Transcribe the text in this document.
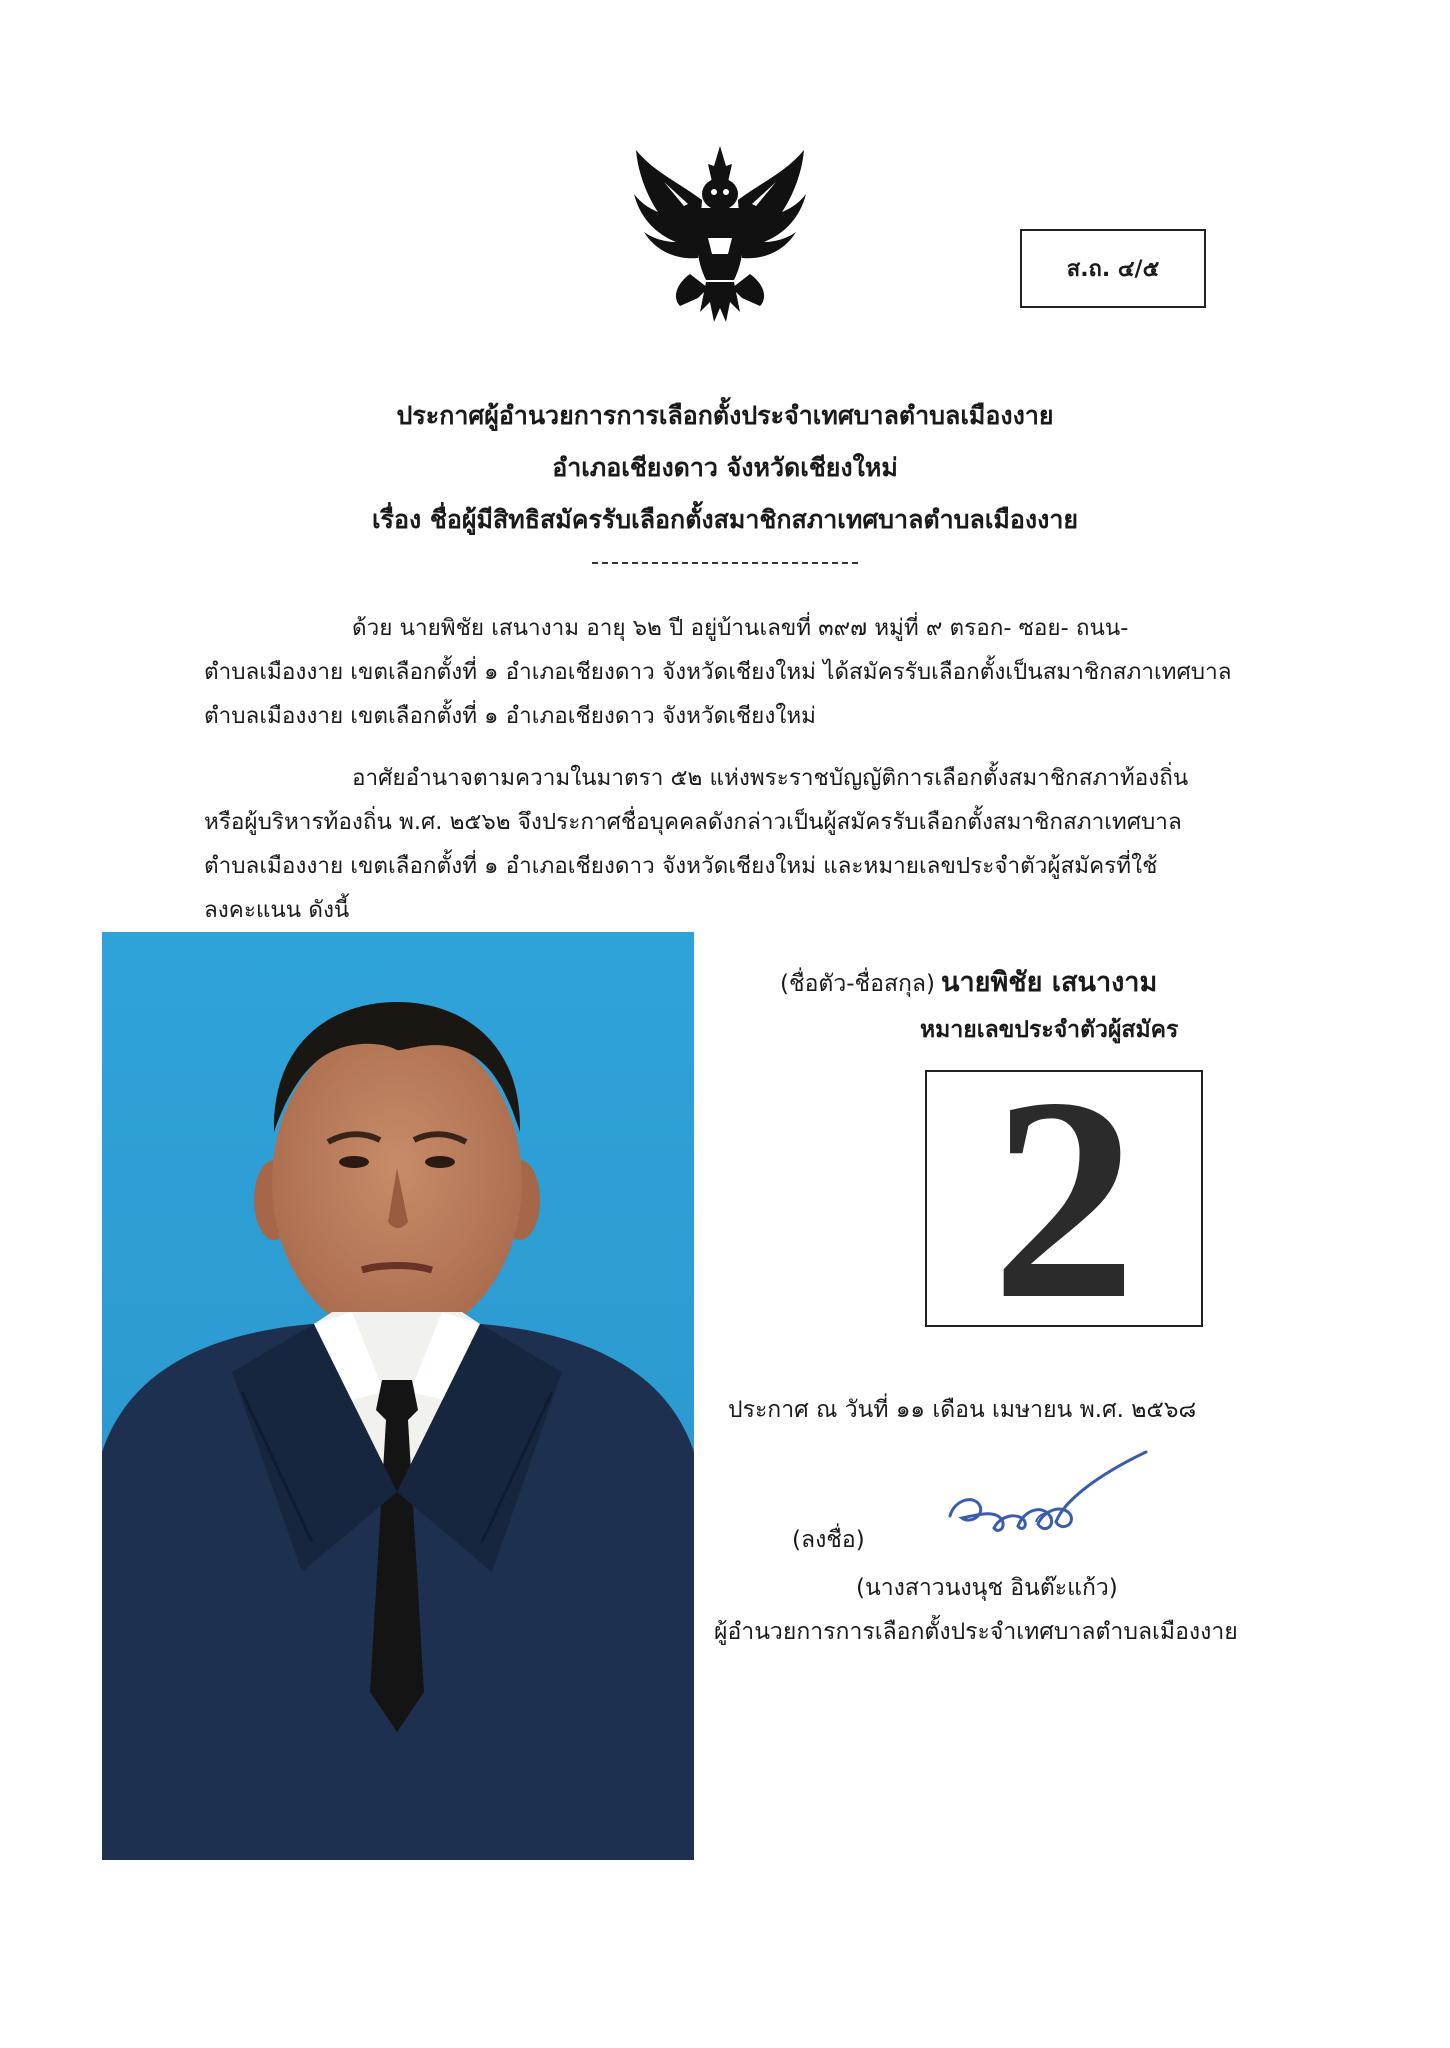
ส.ถ. ๔/๕
ประกาศผู้อำนวยการการเลือกตั้งประจำเทศบาลตำบลเมืองงาย
อำเภอเชียงดาว จังหวัดเชียงใหม่
เรื่อง ชื่อผู้มีสิทธิสมัครรับเลือกตั้งสมาชิกสภาเทศบาลตำบลเมืองงาย
ด้วย นายพิชัย เสนางาม อายุ ๖๒ ปี อยู่บ้านเลขที่ ๓๙๗ หมู่ที่ ๙ ตรอก- ซอย- ถนน-
ตำบลเมืองงาย เขตเลือกตั้งที่ ๑ อำเภอเชียงดาว จังหวัดเชียงใหม่ ได้สมัครรับเลือกตั้งเป็นสมาชิกสภาเทศบาล
ตำบลเมืองงาย เขตเลือกตั้งที่ ๑ อำเภอเชียงดาว จังหวัดเชียงใหม่
อาศัยอำนาจตามความในมาตรา ๕๒ แห่งพระราชบัญญัติการเลือกตั้งสมาชิกสภาท้องถิ่น
หรือผู้บริหารท้องถิ่น พ.ศ. ๒๕๖๒ จึงประกาศชื่อบุคคลดังกล่าวเป็นผู้สมัครรับเลือกตั้งสมาชิกสภาเทศบาล
ตำบลเมืองงาย เขตเลือกตั้งที่ ๑ อำเภอเชียงดาว จังหวัดเชียงใหม่ และหมายเลขประจำตัวผู้สมัครที่ใช้
ลงคะแนน ดังนี้
(ชื่อตัว-ชื่อสกุล) นายพิชัย เสนางาม
หมายเลขประจำตัวผู้สมัคร
2
ประกาศ ณ วันที่ ๑๑ เดือน เมษายน พ.ศ. ๒๕๖๘
(ลงชื่อ)
(นางสาวนงนุช อินต๊ะแก้ว)
ผู้อำนวยการการเลือกตั้งประจำเทศบาลตำบลเมืองงาย
